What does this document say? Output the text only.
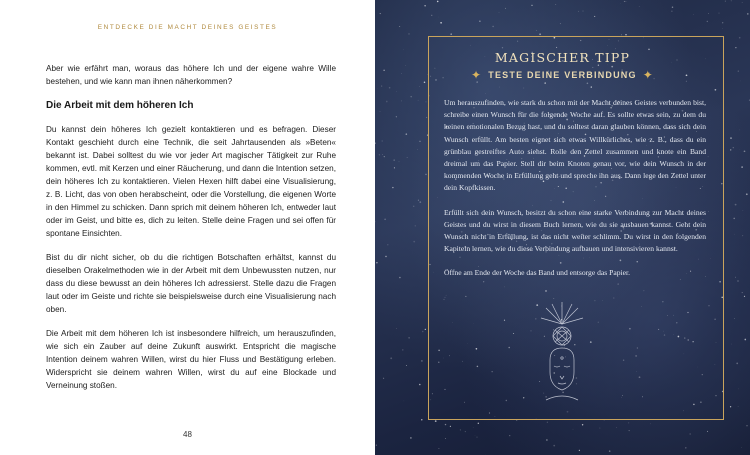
ENTDECKE DIE MACHT DEINES GEISTES

Aber wie erfährt man, woraus das höhere Ich und der eigene wahre Wille bestehen, und wie kann man ihnen näherkommen?

Die Arbeit mit dem höheren Ich

Du kannst dein höheres Ich gezielt kontaktieren und es befragen. Dieser Kontakt geschieht durch eine Technik, die seit Jahrtausenden als »Beten« bekannt ist. Dabei solltest du wie vor jeder Art magischer Tätigkeit zur Ruhe kommen, evtl. mit Kerzen und einer Räucherung, und dann die Intention setzen, dein höheres Ich zu kontaktieren. Vielen Hexen hilft dabei eine Visualisierung, z. B. Licht, das von oben herabscheint, oder die Vorstellung, die eigenen Worte in den Himmel zu schicken. Dann sprich mit deinem höheren Ich, entweder laut oder im Geist, und bitte es, dich zu leiten. Stelle deine Fragen und sei offen für spontane Einsichten.

Bist du dir nicht sicher, ob du die richtigen Botschaften erhältst, kannst du dieselben Orakelmethoden wie in der Arbeit mit dem Unbewussten nutzen, nur dass du diese bewusst an dein höheres Ich adressierst. Stelle dazu die Fragen laut oder im Geiste und richte sie beispielsweise durch eine Visualisierung nach oben.

Die Arbeit mit dem höheren Ich ist insbesondere hilfreich, um herauszufinden, wie sich ein Zauber auf deine Zukunft auswirkt. Entspricht die magische Intention deinem wahren Willen, wirst du hier Fluss und Bestätigung erleben. Widerspricht sie deinem wahren Willen, wirst du auf eine Blockade und Verneinung stoßen.

48
MAGISCHER TIPP
✦ TESTE DEINE VERBINDUNG ✦

Um herauszufinden, wie stark du schon mit der Macht deines Geistes verbunden bist, schreibe einen Wunsch für die folgende Woche auf. Es sollte etwas sein, zu dem du keinen emotionalen Bezug hast, und du solltest daran glauben können, dass sich dein Wunsch erfüllt. Am besten eignet sich etwas Willkürliches, wie z. B., dass du ein grünblau gestreiftes Auto siehst. Rolle den Zettel zusammen und knote ein Band dreimal um das Papier. Stell dir beim Knoten genau vor, wie dein Wunsch in der kommenden Woche in Erfüllung geht und spreche ihn aus. Dann lege den Zettel unter dein Kopfkissen.

Erfüllt sich dein Wunsch, besitzt du schon eine starke Verbindung zur Macht deines Geistes und du wirst in diesem Buch lernen, wie du sie ausbauen kannst. Geht dein Wunsch nicht in Erfüllung, ist das nicht weiter schlimm. Du wirst in den folgenden Kapiteln lernen, wie du diese Verbindung aufbauen und intensivieren kannst.

Öffne am Ende der Woche das Band und entsorge das Papier.
